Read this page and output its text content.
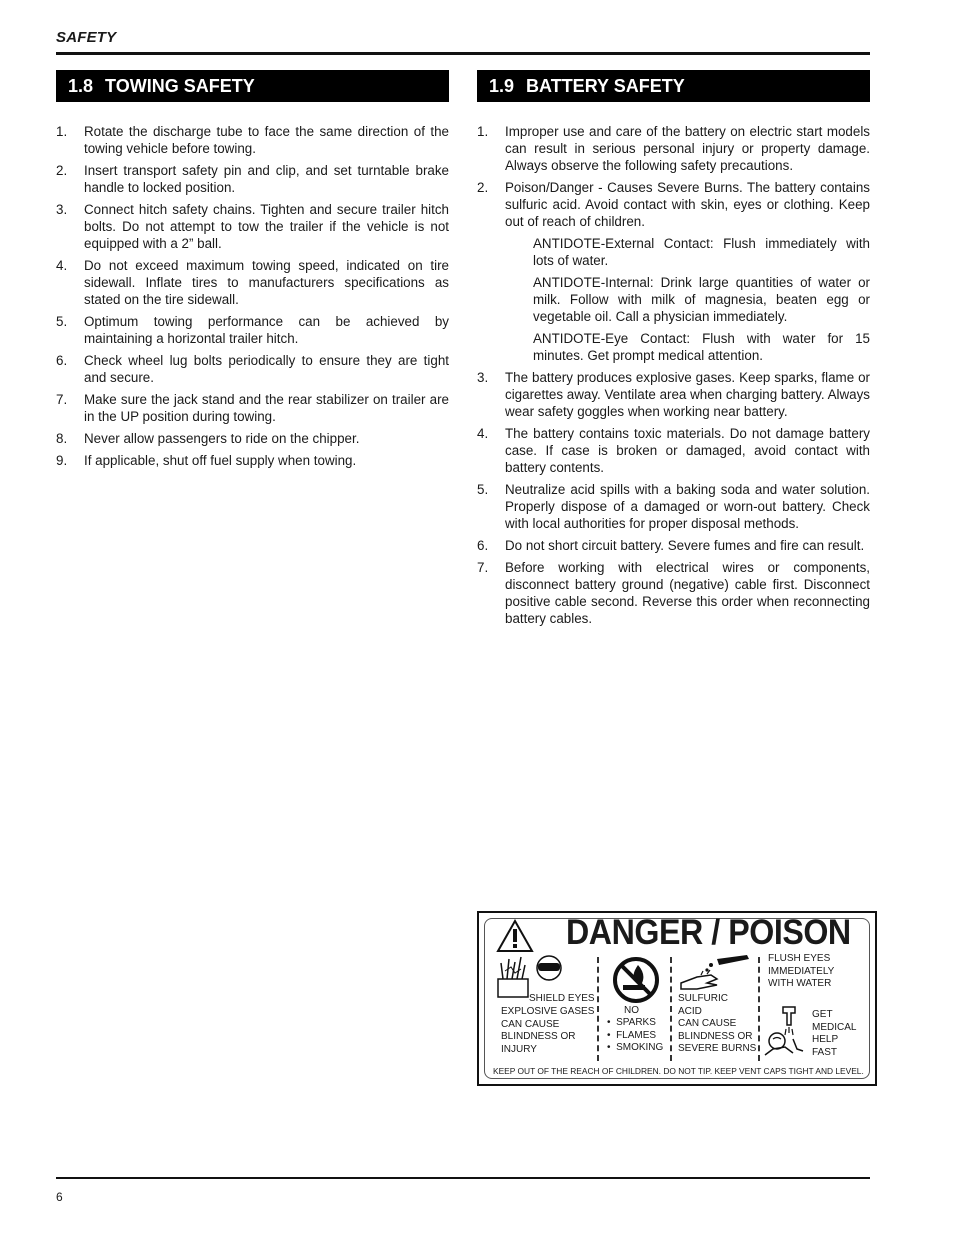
SAFETY
1.8 TOWING SAFETY
1.	Rotate the discharge tube to face the same direction of the towing vehicle before towing.
2.	Insert transport safety pin and clip, and set turntable brake handle to locked position.
3.	Connect hitch safety chains. Tighten and secure trailer hitch bolts. Do not attempt to tow the trailer if the vehicle is not equipped with a 2” ball.
4.	Do not exceed maximum towing speed, indicated on tire sidewall. Inflate tires to manufacturers specifications as stated on the tire sidewall.
5.	Optimum towing performance can be achieved by maintaining a horizontal trailer hitch.
6.	Check wheel lug bolts periodically to ensure they are tight and secure.
7.	Make sure the jack stand and the rear stabilizer on trailer are in the UP position during towing.
8.	Never allow passengers to ride on the chipper.
9.	If applicable, shut off fuel supply when towing.
1.9 BATTERY SAFETY
1.	Improper use and care of the battery on electric start models can result in serious personal injury or property damage. Always observe the following safety precautions.
2.	Poison/Danger - Causes Severe Burns. The battery contains sulfuric acid. Avoid contact with skin, eyes or clothing. Keep out of reach of children.
ANTIDOTE-External Contact: Flush immediately with lots of water.
ANTIDOTE-Internal: Drink large quantities of water or milk. Follow with milk of magnesia, beaten egg or vegetable oil. Call a physician immediately.
ANTIDOTE-Eye Contact: Flush with water for 15 minutes. Get prompt medical attention.
3.	The battery produces explosive gases. Keep sparks, flame or cigarettes away. Ventilate area when charging battery. Always wear safety goggles when working near battery.
4.	The battery contains toxic materials. Do not damage battery case. If case is broken or damaged, avoid contact with battery contents.
5.	Neutralize acid spills with a baking soda and water solution. Properly dispose of a damaged or worn-out battery. Check with local authorities for proper disposal methods.
6.	Do not short circuit battery. Severe fumes and fire can result.
7.	Before working with electrical wires or components, disconnect battery ground (negative) cable first. Disconnect positive cable second. Reverse this order when reconnecting battery cables.
DANGER / POISON
SHIELD EYES
EXPLOSIVE GASES
CAN CAUSE
BLINDNESS OR
INJURY
NO
•  SPARKS
•  FLAMES
•  SMOKING
SULFURIC
ACID
CAN CAUSE
BLINDNESS OR
SEVERE BURNS
FLUSH EYES
IMMEDIATELY
WITH WATER
GET
MEDICAL
HELP
FAST
KEEP OUT OF THE REACH OF CHILDREN. DO NOT TIP. KEEP VENT CAPS TIGHT AND LEVEL.
6
